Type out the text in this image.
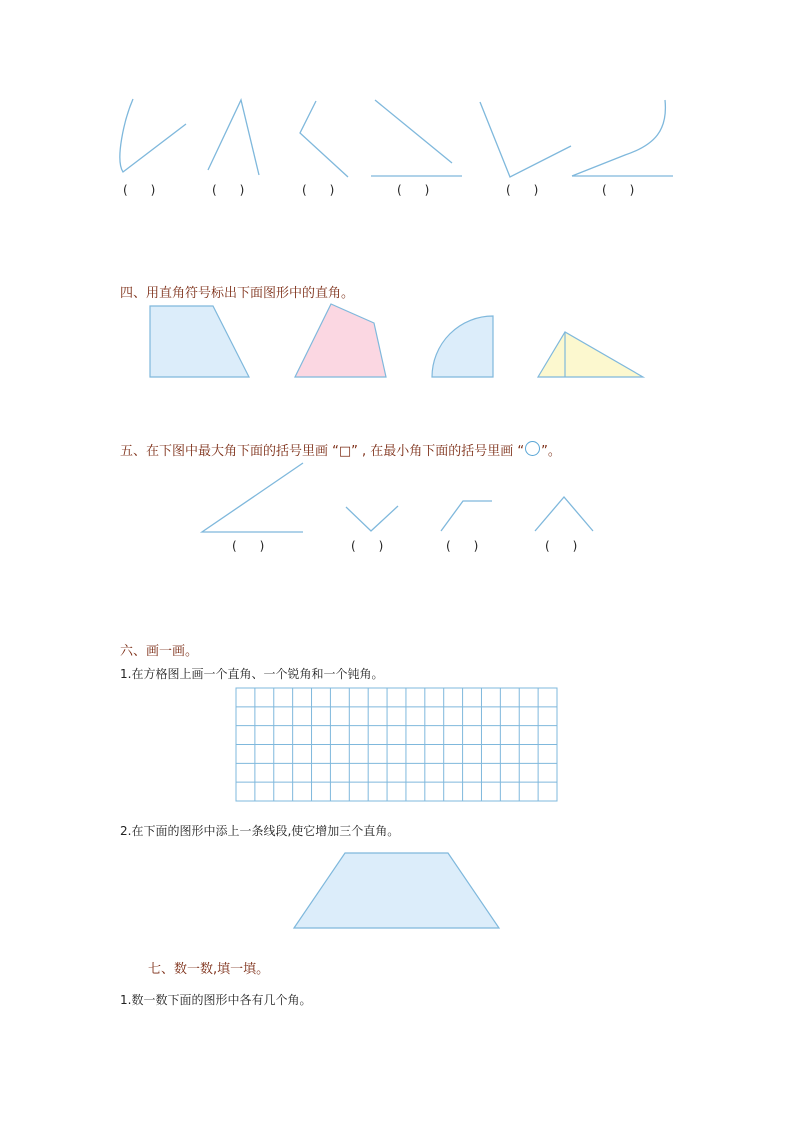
(      )	(      )	(      )	(      )	(      )	(      )
四、用直角符号标出下面图形中的直角。
五、在下图中最大角下面的括号里画 “□” , 在最小角下面的括号里画 “○”。
(      )	(      )	(      )	(      )
六、画一画。
1.在方格图上画一个直角、一个锐角和一个钝角。
2.在下面的图形中添上一条线段,使它增加三个直角。
七、数一数,填一填。
1.数一数下面的图形中各有几个角。
